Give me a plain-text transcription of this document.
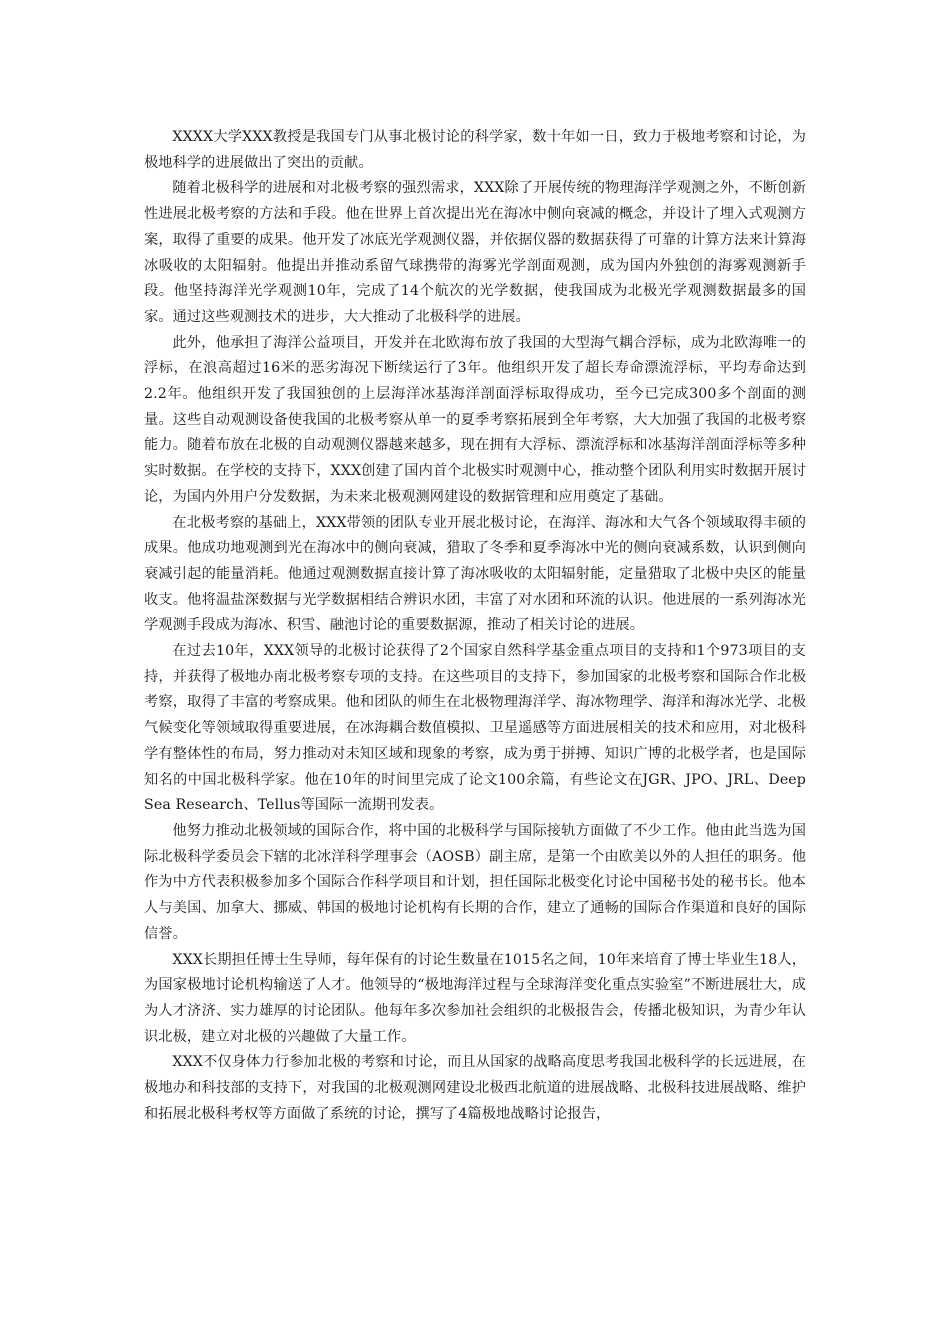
XXXX大学XXX教授是我国专门从事北极讨论的科学家，数十年如一日，致力于极地考察和讨论，为极地科学的进展做出了突出的贡献。

随着北极科学的进展和对北极考察的强烈需求，XXX除了开展传统的物理海洋学观测之外，不断创新性进展北极考察的方法和手段。他在世界上首次提出光在海冰中侧向衰减的概念，并设计了埋入式观测方案，取得了重要的成果。他开发了冰底光学观测仪器，并依据仪器的数据获得了可靠的计算方法来计算海冰吸收的太阳辐射。他提出并推动系留气球携带的海雾光学剖面观测，成为国内外独创的海雾观测新手段。他坚持海洋光学观测10年，完成了14个航次的光学数据，使我国成为北极光学观测数据最多的国家。通过这些观测技术的进步，大大推动了北极科学的进展。

此外，他承担了海洋公益项目，开发并在北欧海布放了我国的大型海气耦合浮标，成为北欧海唯一的浮标，在浪高超过16米的恶劣海况下断续运行了3年。他组织开发了超长寿命漂流浮标，平均寿命达到2.2年。他组织开发了我国独创的上层海洋冰基海洋剖面浮标取得成功，至今已完成300多个剖面的测量。这些自动观测设备使我国的北极考察从单一的夏季考察拓展到全年考察，大大加强了我国的北极考察能力。随着布放在北极的自动观测仪器越来越多，现在拥有大浮标、漂流浮标和冰基海洋剖面浮标等多种实时数据。在学校的支持下，XXX创建了国内首个北极实时观测中心，推动整个团队利用实时数据开展讨论，为国内外用户分发数据，为未来北极观测网建设的数据管理和应用奠定了基础。

在北极考察的基础上，XXX带领的团队专业开展北极讨论，在海洋、海冰和大气各个领域取得丰硕的成果。他成功地观测到光在海冰中的侧向衰减，猎取了冬季和夏季海冰中光的侧向衰减系数，认识到侧向衰减引起的能量消耗。他通过观测数据直接计算了海冰吸收的太阳辐射能，定量猎取了北极中央区的能量收支。他将温盐深数据与光学数据相结合辨识水团，丰富了对水团和环流的认识。他进展的一系列海冰光学观测手段成为海冰、积雪、融池讨论的重要数据源，推动了相关讨论的进展。

在过去10年，XXX领导的北极讨论获得了2个国家自然科学基金重点项目的支持和1个973项目的支持，并获得了极地办南北极考察专项的支持。在这些项目的支持下，参加国家的北极考察和国际合作北极考察，取得了丰富的考察成果。他和团队的师生在北极物理海洋学、海冰物理学、海洋和海冰光学、北极气候变化等领域取得重要进展，在冰海耦合数值模拟、卫星遥感等方面进展相关的技术和应用，对北极科学有整体性的布局，努力推动对未知区域和现象的考察，成为勇于拼搏、知识广博的北极学者，也是国际知名的中国北极科学家。他在10年的时间里完成了论文100余篇，有些论文在JGR、JPO、JRL、Deep Sea Research、Tellus等国际一流期刊发表。

他努力推动北极领域的国际合作，将中国的北极科学与国际接轨方面做了不少工作。他由此当选为国际北极科学委员会下辖的北冰洋科学理事会（AOSB）副主席，是第一个由欧美以外的人担任的职务。他作为中方代表积极参加多个国际合作科学项目和计划，担任国际北极变化讨论中国秘书处的秘书长。他本人与美国、加拿大、挪威、韩国的极地讨论机构有长期的合作，建立了通畅的国际合作渠道和良好的国际信誉。

XXX长期担任博士生导师，每年保有的讨论生数量在1015名之间，10年来培育了博士毕业生18人，为国家极地讨论机构输送了人才。他领导的“极地海洋过程与全球海洋变化重点实验室”不断进展壮大，成为人才济济、实力雄厚的讨论团队。他每年多次参加社会组织的北极报告会，传播北极知识，为青少年认识北极，建立对北极的兴趣做了大量工作。

XXX不仅身体力行参加北极的考察和讨论，而且从国家的战略高度思考我国北极科学的长远进展，在极地办和科技部的支持下，对我国的北极观测网建设北极西北航道的进展战略、北极科技进展战略、维护和拓展北极科考权等方面做了系统的讨论，撰写了4篇极地战略讨论报告，
